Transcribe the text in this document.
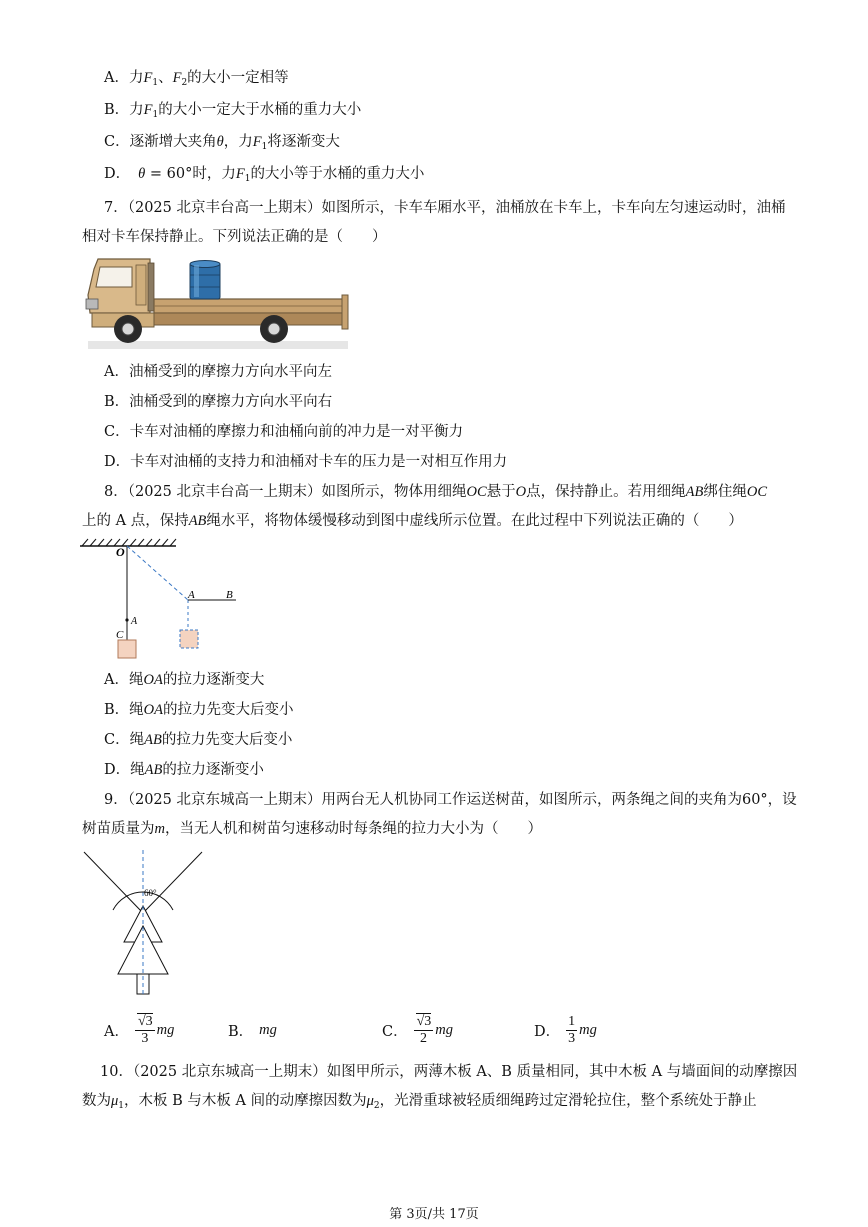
A．力$F_1$、$F_2$的大小一定相等
B．力$F_1$的大小一定大于水桶的重力大小
C．逐渐增大夹角θ，力$F_1$将逐渐变大
D． θ = 60°时，力$F_1$的大小等于水桶的重力大小
7．（2025 北京丰台高一上期末）如图所示，卡车车厢水平，油桶放在卡车上，卡车向左匀速运动时，油桶
相对卡车保持静止。下列说法正确的是（　　）
A．油桶受到的摩擦力方向水平向左
B．油桶受到的摩擦力方向水平向右
C．卡车对油桶的摩擦力和油桶向前的冲力是一对平衡力
D．卡车对油桶的支持力和油桶对卡车的压力是一对相互作用力
8．（2025 北京丰台高一上期末）如图所示，物体用细绳OC悬于O点，保持静止。若用细绳AB绑住绳OC
上的 A 点，保持AB绳水平，将物体缓慢移动到图中虚线所示位置。在此过程中下列说法正确的（　　）
O
A
C
A	B
A．绳OA的拉力逐渐变大
B．绳OA的拉力先变大后变小
C．绳AB的拉力先变大后变小
D．绳AB的拉力逐渐变小
9．（2025 北京东城高一上期末）用两台无人机协同工作运送树苗，如图所示，两条绳之间的夹角为60°，设
树苗质量为m，当无人机和树苗匀速移动时每条绳的拉力大小为（　　）
60°
A． $\frac{√3}{3}$ mg	B． mg	C． $\frac{√3}{2}$ mg	D． $\frac{1}{3}$ mg
10．（2025 北京东城高一上期末）如图甲所示，两薄木板 A、B 质量相同，其中木板 A 与墙面间的动摩擦因
数为$\mu_1$，木板 B 与木板 A 间的动摩擦因数为$\mu_2$，光滑重球被轻质细绳跨过定滑轮拉住，整个系统处于静止
第 3页/共 17页
